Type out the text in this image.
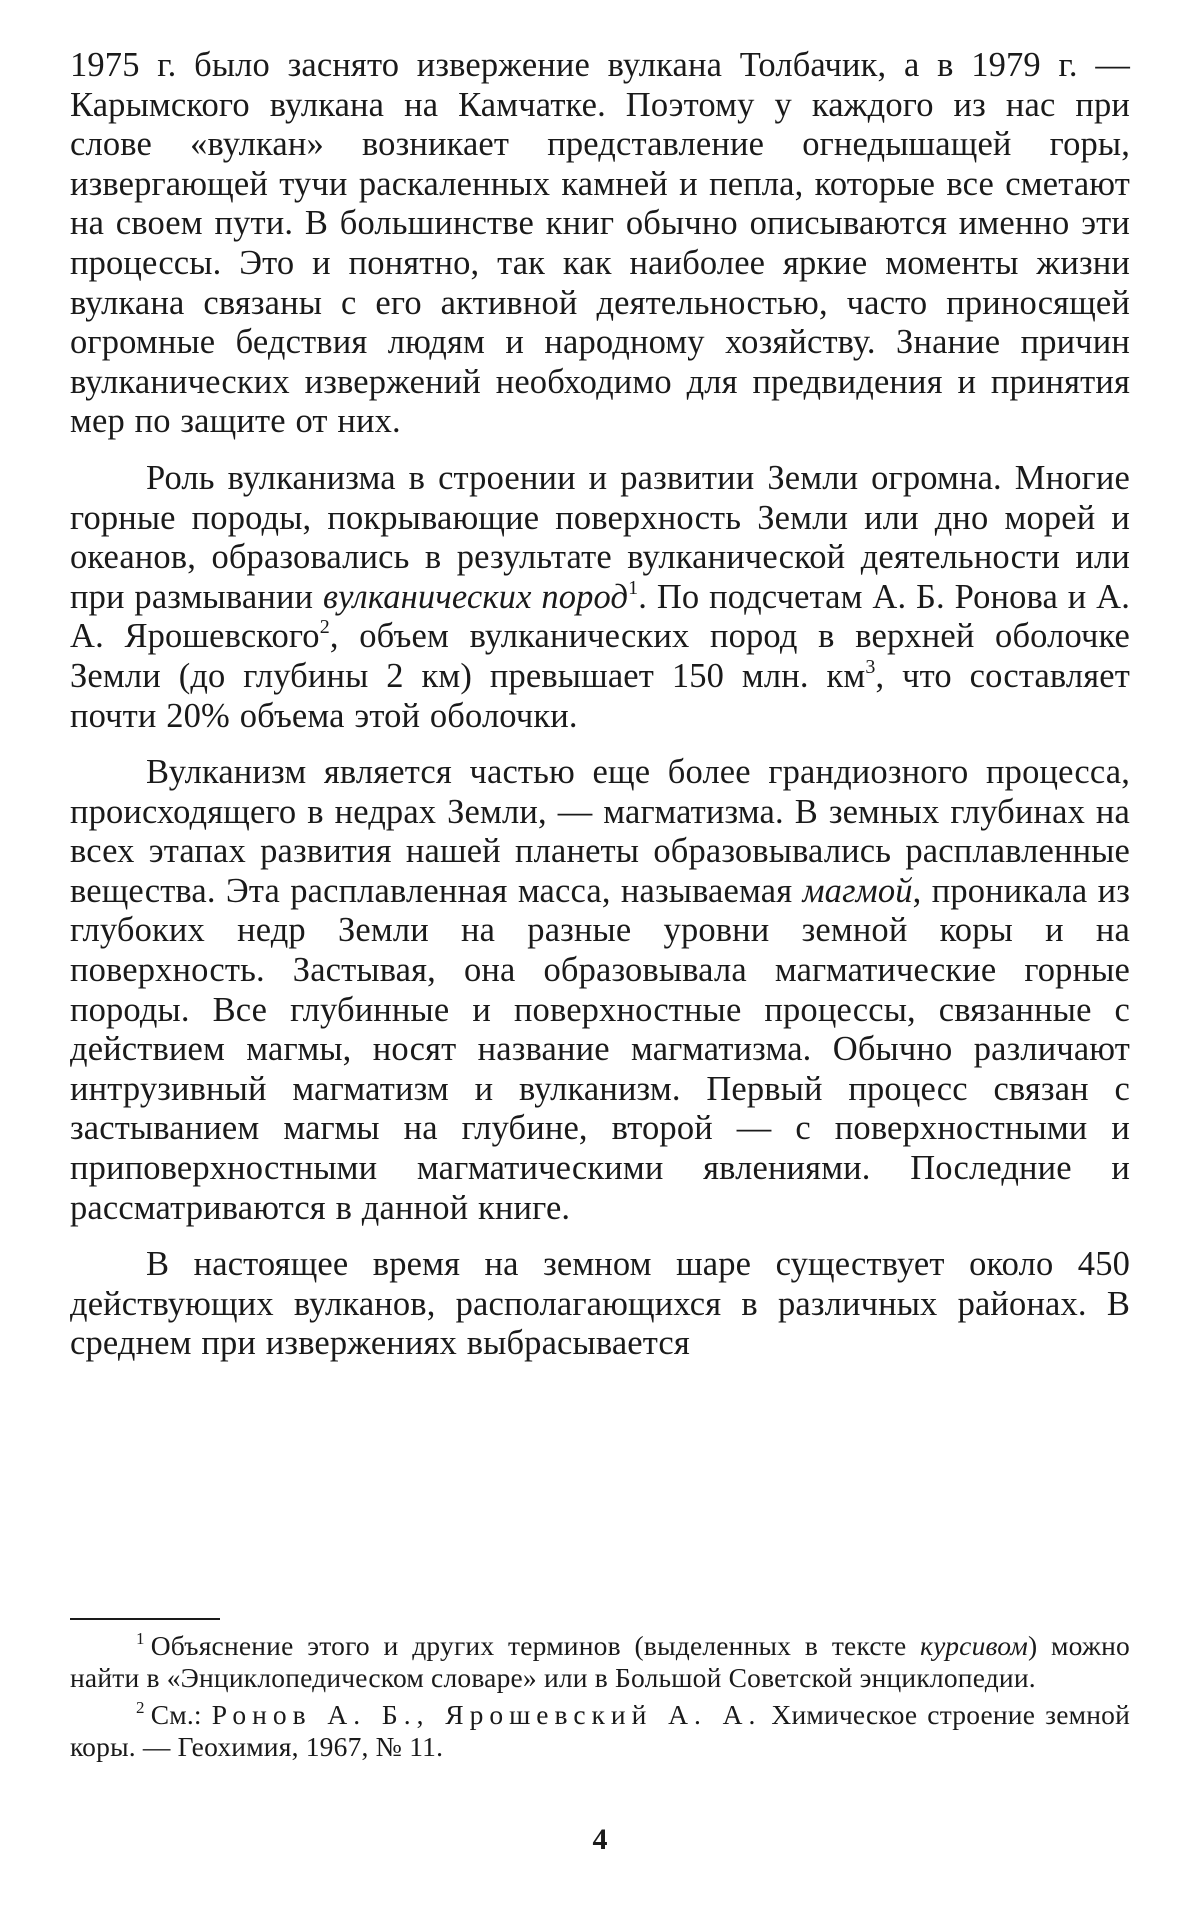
1975 г. было заснято извержение вулкана Толбачик, а в 1979 г. — Карымского вулкана на Камчатке. Поэтому у каждого из нас при слове «вулкан» возникает представление огнедышащей горы, извергающей тучи раскаленных камней и пепла, которые все сметают на своем пути. В большинстве книг обычно описываются именно эти процессы. Это и понятно, так как наиболее яркие моменты жизни вулкана связаны с его активной деятельностью, часто приносящей огромные бедствия людям и народному хозяйству. Знание причин вулканических извержений необходимо для предвидения и принятия мер по защите от них.

Роль вулканизма в строении и развитии Земли огромна. Многие горные породы, покрывающие поверхность Земли или дно морей и океанов, образовались в результате вулканической деятельности или при размывании вулканических пород$^1$. По подсчетам А. Б. Ронова и А. А. Ярошевского$^2$, объем вулканических пород в верхней оболочке Земли (до глубины 2 км) превышает 150 млн. $км^3$, что составляет почти 20% объема этой оболочки.

Вулканизм является частью еще более грандиозного процесса, происходящего в недрах Земли, — магматизма. В земных глубинах на всех этапах развития нашей планеты образовывались расплавленные вещества. Эта расплавленная масса, называемая магмой, проникала из глубоких недр Земли на разные уровни земной коры и на поверхность. Застывая, она образовывала магматические горные породы. Все глубинные и поверхностные процессы, связанные с действием магмы, носят название магматизма. Обычно различают интрузивный магматизм и вулканизм. Первый процесс связан с застыванием магмы на глубине, второй — с поверхностными и приповерхностными магматическими явлениями. Последние и рассматриваются в данной книге.

В настоящее время на земном шаре существует около 450 действующих вулканов, располагающихся в различных районах. В среднем при извержениях выбрасывается

$^1$ Объяснение этого и других терминов (выделенных в тексте курсивом) можно найти в «Энциклопедическом словаре» или в Большой Советской энциклопедии.

$^2$ См.: Ронов А. Б., Ярошевский А. А. Химическое строение земной коры. — Геохимия, 1967, № 11.

4
